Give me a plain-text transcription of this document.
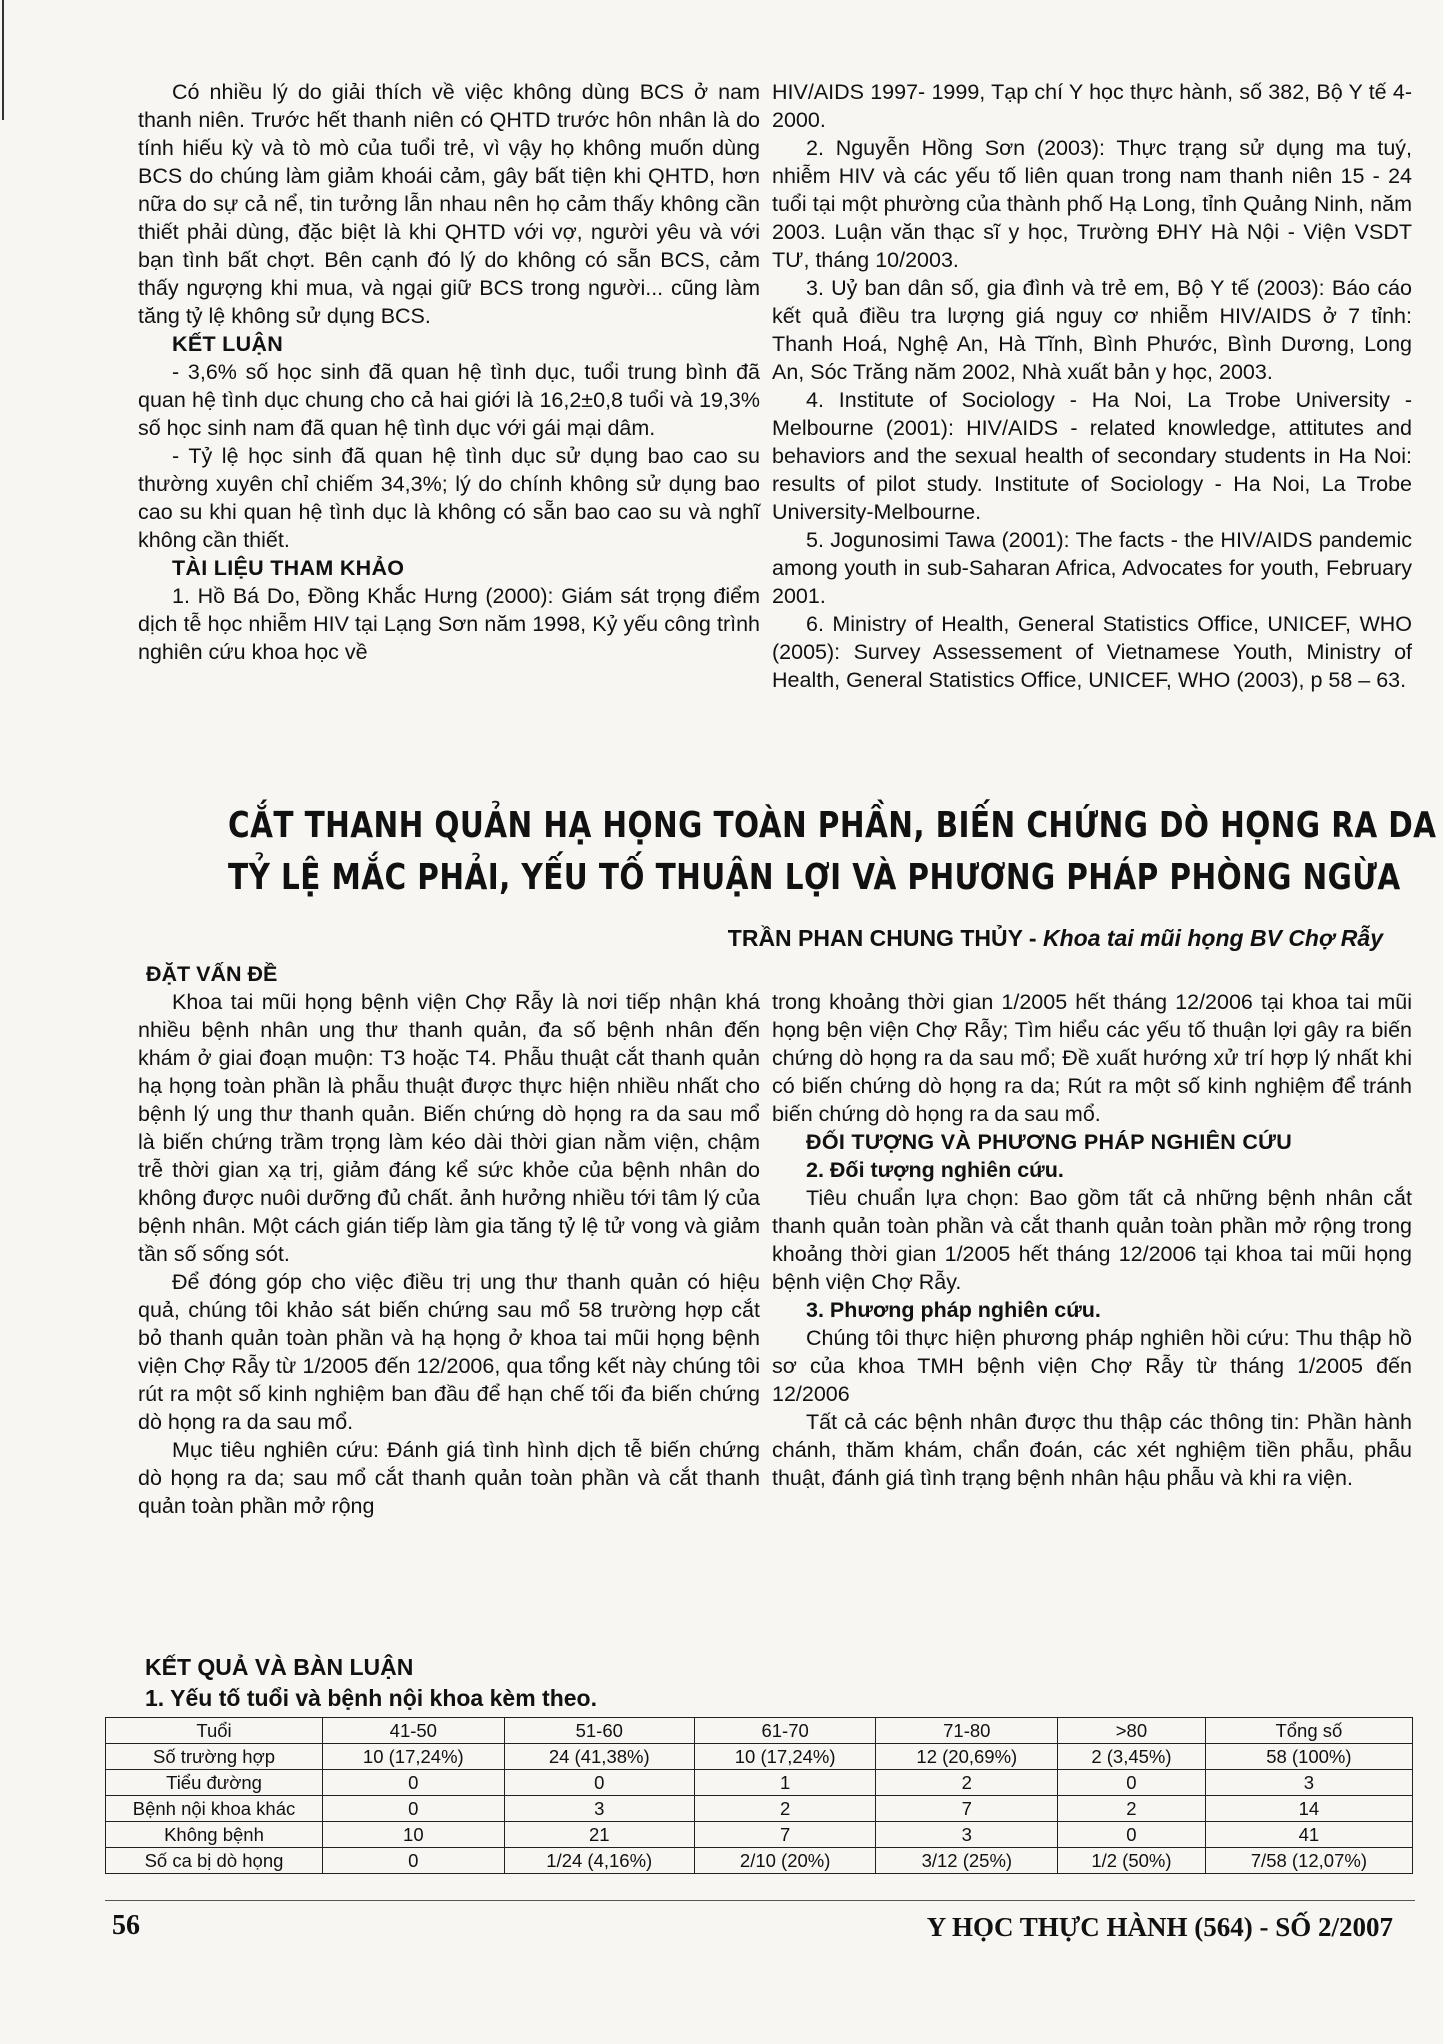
Có nhiều lý do giải thích về việc không dùng BCS ở nam thanh niên. Trước hết thanh niên có QHTD trước hôn nhân là do tính hiếu kỳ và tò mò của tuổi trẻ, vì vậy họ không muốn dùng BCS do chúng làm giảm khoái cảm, gây bất tiện khi QHTD, hơn nữa do sự cả nể, tin tưởng lẫn nhau nên họ cảm thấy không cần thiết phải dùng, đặc biệt là khi QHTD với vợ, người yêu và với bạn tình bất chợt. Bên cạnh đó lý do không có sẵn BCS, cảm thấy ngượng khi mua, và ngại giữ BCS trong người... cũng làm tăng tỷ lệ không sử dụng BCS.

KẾT LUẬN

- 3,6% số học sinh đã quan hệ tình dục, tuổi trung bình đã quan hệ tình dục chung cho cả hai giới là 16,2±0,8 tuổi và 19,3% số học sinh nam đã quan hệ tình dục với gái mại dâm.

- Tỷ lệ học sinh đã quan hệ tình dục sử dụng bao cao su thường xuyên chỉ chiếm 34,3%; lý do chính không sử dụng bao cao su khi quan hệ tình dục là không có sẵn bao cao su và nghĩ không cần thiết.

TÀI LIỆU THAM KHẢO

1. Hồ Bá Do, Đồng Khắc Hưng (2000): Giám sát trọng điểm dịch tễ học nhiễm HIV tại Lạng Sơn năm 1998, Kỷ yếu công trình nghiên cứu khoa học về

HIV/AIDS 1997- 1999, Tạp chí Y học thực hành, số 382, Bộ Y tế 4-2000.

2. Nguyễn Hồng Sơn (2003): Thực trạng sử dụng ma tuý, nhiễm HIV và các yếu tố liên quan trong nam thanh niên 15 - 24 tuổi tại một phường của thành phố Hạ Long, tỉnh Quảng Ninh, năm 2003. Luận văn thạc sĩ y học, Trường ĐHY Hà Nội - Viện VSDT TƯ, tháng 10/2003.

3. Uỷ ban dân số, gia đình và trẻ em, Bộ Y tế (2003): Báo cáo kết quả điều tra lượng giá nguy cơ nhiễm HIV/AIDS ở 7 tỉnh: Thanh Hoá, Nghệ An, Hà Tĩnh, Bình Phước, Bình Dương, Long An, Sóc Trăng năm 2002, Nhà xuất bản y học, 2003.

4. Institute of Sociology - Ha Noi, La Trobe University - Melbourne (2001): HIV/AIDS - related knowledge, attitutes and behaviors and the sexual health of secondary students in Ha Noi: results of pilot study. Institute of Sociology - Ha Noi, La Trobe University-Melbourne.

5. Jogunosimi Tawa (2001): The facts - the HIV/AIDS pandemic among youth in sub-Saharan Africa, Advocates for youth, February 2001.

6. Ministry of Health, General Statistics Office, UNICEF, WHO (2005): Survey Assessement of Vietnamese Youth, Ministry of Health, General Statistics Office, UNICEF, WHO (2003), p 58 – 63.

CẮT THANH QUẢN HẠ HỌNG TOÀN PHẦN, BIẾN CHỨNG DÒ HỌNG RA DA
TỶ LỆ MẮC PHẢI, YẾU TỐ THUẬN LỢI VÀ PHƯƠNG PHÁP PHÒNG NGỪA
TRẦN PHAN CHUNG THỦY - Khoa tai mũi họng BV Chợ Rẫy

ĐẶT VẤN ĐỀ

Khoa tai mũi họng bệnh viện Chợ Rẫy là nơi tiếp nhận khá nhiều bệnh nhân ung thư thanh quản, đa số bệnh nhân đến khám ở giai đoạn muộn: T3 hoặc T4. Phẫu thuật cắt thanh quản hạ họng toàn phần là phẫu thuật được thực hiện nhiều nhất cho bệnh lý ung thư thanh quản. Biến chứng dò họng ra da sau mổ là biến chứng trầm trọng làm kéo dài thời gian nằm viện, chậm trễ thời gian xạ trị, giảm đáng kể sức khỏe của bệnh nhân do không được nuôi dưỡng đủ chất. ảnh hưởng nhiều tới tâm lý của bệnh nhân. Một cách gián tiếp làm gia tăng tỷ lệ tử vong và giảm tần số sống sót.

Để đóng góp cho việc điều trị ung thư thanh quản có hiệu quả, chúng tôi khảo sát biến chứng sau mổ 58 trường hợp cắt bỏ thanh quản toàn phần và hạ họng ở khoa tai mũi họng bệnh viện Chợ Rẫy từ 1/2005 đến 12/2006, qua tổng kết này chúng tôi rút ra một số kinh nghiệm ban đầu để hạn chế tối đa biến chứng dò họng ra da sau mổ.

Mục tiêu nghiên cứu: Đánh giá tình hình dịch tễ biến chứng dò họng ra da; sau mổ cắt thanh quản toàn phần và cắt thanh quản toàn phần mở rộng

trong khoảng thời gian 1/2005 hết tháng 12/2006 tại khoa tai mũi họng bện viện Chợ Rẫy; Tìm hiểu các yếu tố thuận lợi gây ra biến chứng dò họng ra da sau mổ; Đề xuất hướng xử trí hợp lý nhất khi có biến chứng dò họng ra da; Rút ra một số kinh nghiệm để tránh biến chứng dò họng ra da sau mổ.

ĐỐI TƯỢNG VÀ PHƯƠNG PHÁP NGHIÊN CỨU

2. Đối tượng nghiên cứu.

Tiêu chuẩn lựa chọn: Bao gồm tất cả những bệnh nhân cắt thanh quản toàn phần và cắt thanh quản toàn phần mở rộng trong khoảng thời gian 1/2005 hết tháng 12/2006 tại khoa tai mũi họng bệnh viện Chợ Rẫy.

3. Phương pháp nghiên cứu.

Chúng tôi thực hiện phương pháp nghiên hồi cứu: Thu thập hồ sơ của khoa TMH bệnh viện Chợ Rẫy từ tháng 1/2005 đến 12/2006

Tất cả các bệnh nhân được thu thập các thông tin: Phần hành chánh, thăm khám, chẩn đoán, các xét nghiệm tiền phẫu, phẫu thuật, đánh giá tình trạng bệnh nhân hậu phẫu và khi ra viện.

KẾT QUẢ VÀ BÀN LUẬN
1. Yếu tố tuổi và bệnh nội khoa kèm theo.
Tuổi	41-50	51-60	61-70	71-80	>80	Tổng số
Số trường hợp	10 (17,24%)	24 (41,38%)	10 (17,24%)	12 (20,69%)	2 (3,45%)	58 (100%)
Tiểu đường	0	0	1	2	0	3
Bệnh nội khoa khác	0	3	2	7	2	14
Không bệnh	10	21	7	3	0	41
Số ca bị dò họng	0	1/24 (4,16%)	2/10 (20%)	3/12 (25%)	1/2 (50%)	7/58 (12,07%)
56	Y HỌC THỰC HÀNH (564) - SỐ 2/2007
